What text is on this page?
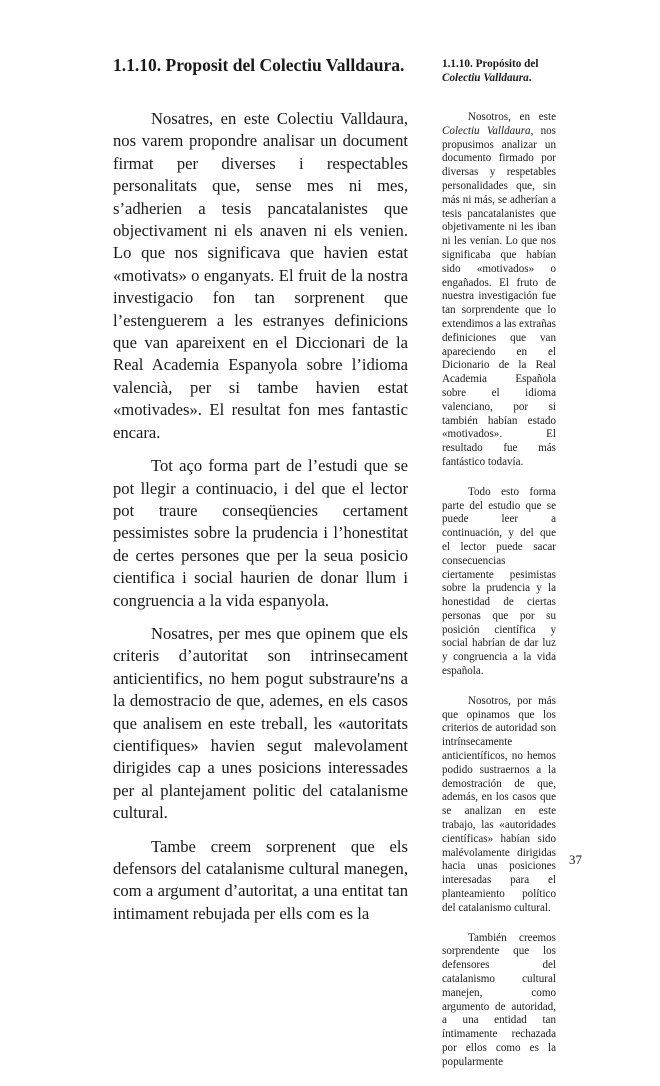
1.1.10. Proposit del Colectiu Valldaura.

Nosatres, en este Colectiu Valldaura, nos varem propondre analisar un document firmat per diverses i respectables personalitats que, sense mes ni mes, s’adherien a tesis pancatalanistes que objectivament ni els anaven ni els venien. Lo que nos significava que havien estat «motivats» o enganyats. El fruit de la nostra investigacio fon tan sorprenent que l’estenguerem a les estranyes definicions que van apareixent en el Diccionari de la Real Academia Espanyola sobre l’idioma valencià, per si tambe havien estat «motivades». El resultat fon mes fantastic encara.

Tot aço forma part de l’estudi que se pot llegir a continuacio, i del que el lector pot traure conseqüencies certament pessimistes sobre la prudencia i l’honestitat de certes persones que per la seua posicio cientifica i social haurien de donar llum i congruencia a la vida espanyola.

Nosatres, per mes que opinem que els criteris d’autoritat son intrinsecament anticientifics, no hem pogut substraure'ns a la demostracio de que, ademes, en els casos que analisem en este treball, les «autoritats cientifiques» havien segut malevolament dirigides cap a unes posicions interessades per al plantejament politic del catalanisme cultural.

Tambe creem sorprenent que els defensors del catalanisme cultural manegen, com a argument d’autoritat, a una entitat tan intimament rebujada per ells com es la

1.1.10. Propósito del Colectiu Valldaura.

Nosotros, en este Colectiu Valldaura, nos propusimos analizar un documento firmado por diversas y respetables personalidades que, sin más ni más, se adherían a tesis pancatalanistes que objetivamente ni les iban ni les venían. Lo que nos significaba que habían sido «motivados» o engañados. El fruto de nuestra investigación fue tan sorprendente que lo extendimos a las extrañas definiciones que van apareciendo en el Dicionario de la Real Academia Española sobre el idioma valenciano, por si también habían estado «motivados». El resultado fue más fantástico todavía.

Todo esto forma parte del estudio que se puede leer a continuación, y del que el lector puede sacar consecuencias ciertamente pesimistas sobre la prudencia y la honestidad de ciertas personas que por su posición científica y social habrían de dar luz y congruencia a la vida española.

Nosotros, por más que opinamos que los criterios de autoridad son intrínsecamente anticientíficos, no hemos podido sustraernos a la demostración de que, además, en los casos que se analizan en este trabajo, las «autoridades científicas» habían sido malévolamente dirigidas hacia unas posiciones interesadas para el planteamiento político del catalanismo cultural.

También creemos sorprendente que los defensores del catalanismo cultural manejen, como argumento de autoridad, a una entidad tan íntimamente rechazada por ellos como es la popularmente

37
